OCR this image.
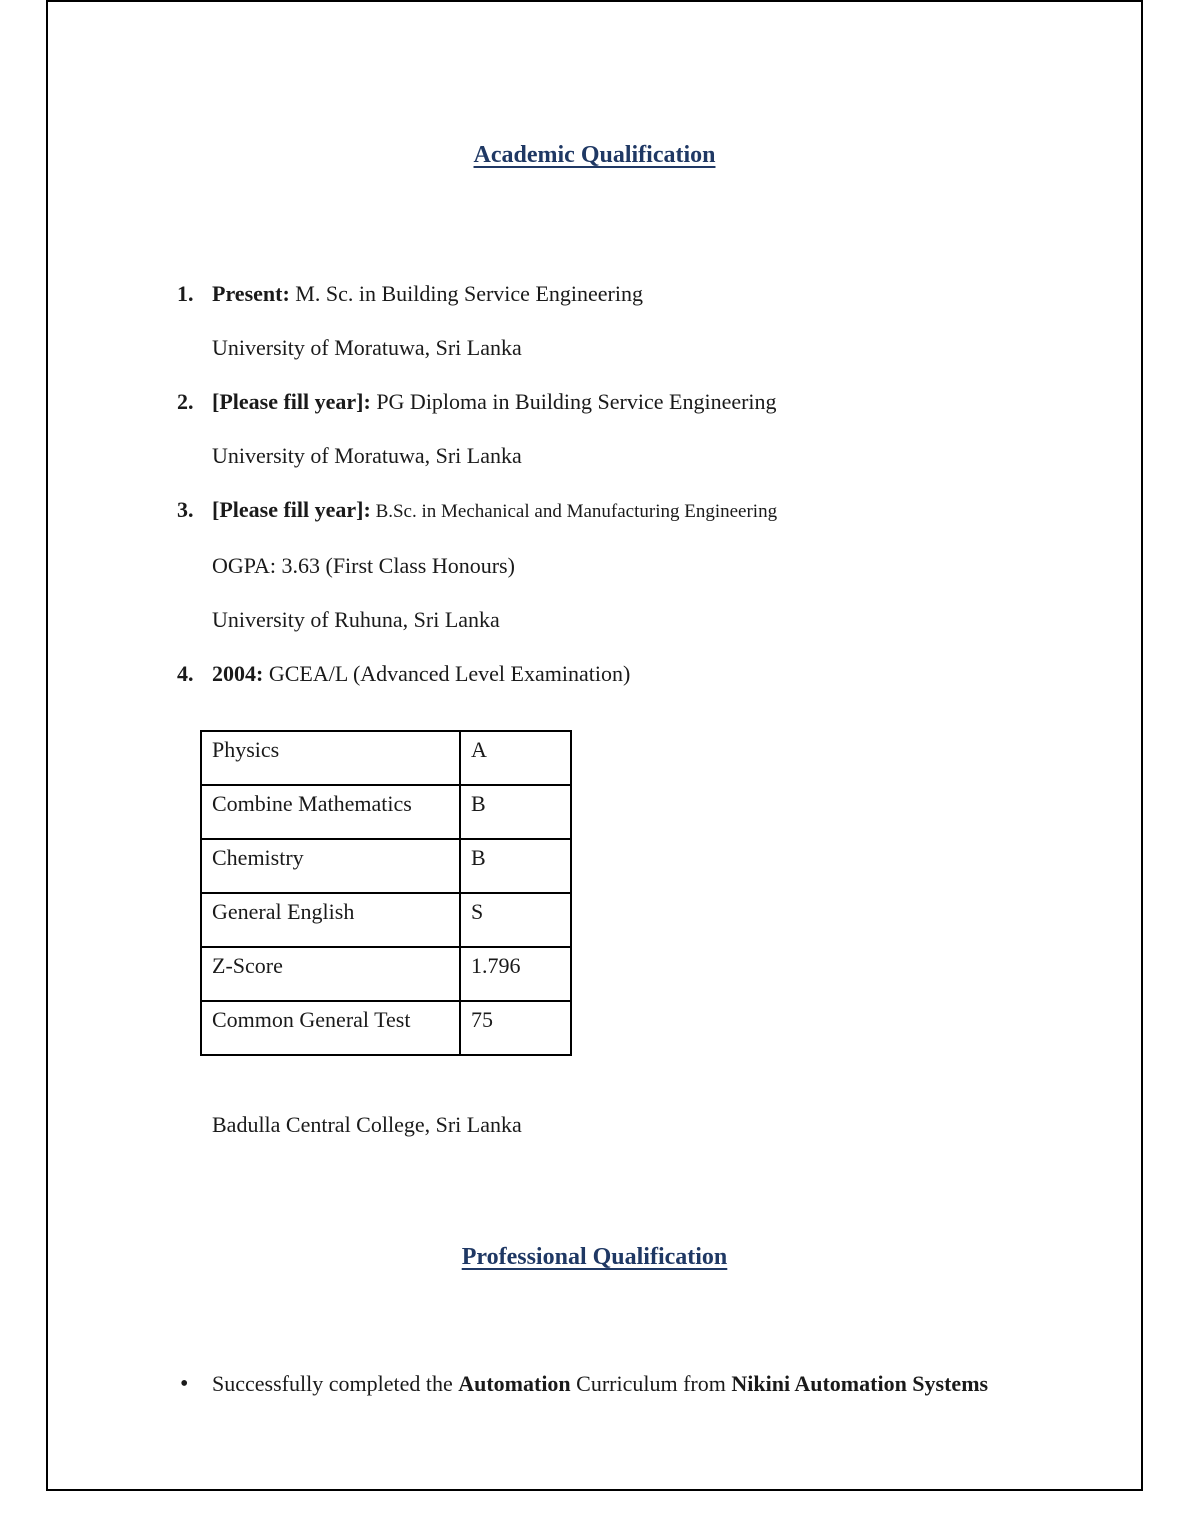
Academic Qualification

1. Present: M. Sc. in Building Service Engineering

University of Moratuwa, Sri Lanka

2. [Please fill year]: PG Diploma in Building Service Engineering

University of Moratuwa, Sri Lanka

3. [Please fill year]: B.Sc. in Mechanical and Manufacturing Engineering

OGPA: 3.63 (First Class Honours)

University of Ruhuna, Sri Lanka

4. 2004: GCEA/L (Advanced Level Examination)

Physics	A
Combine Mathematics	B
Chemistry	B
General English	S
Z-Score	1.796
Common General Test	75

Badulla Central College, Sri Lanka

Professional Qualification

• Successfully completed the Automation Curriculum from Nikini Automation Systems
